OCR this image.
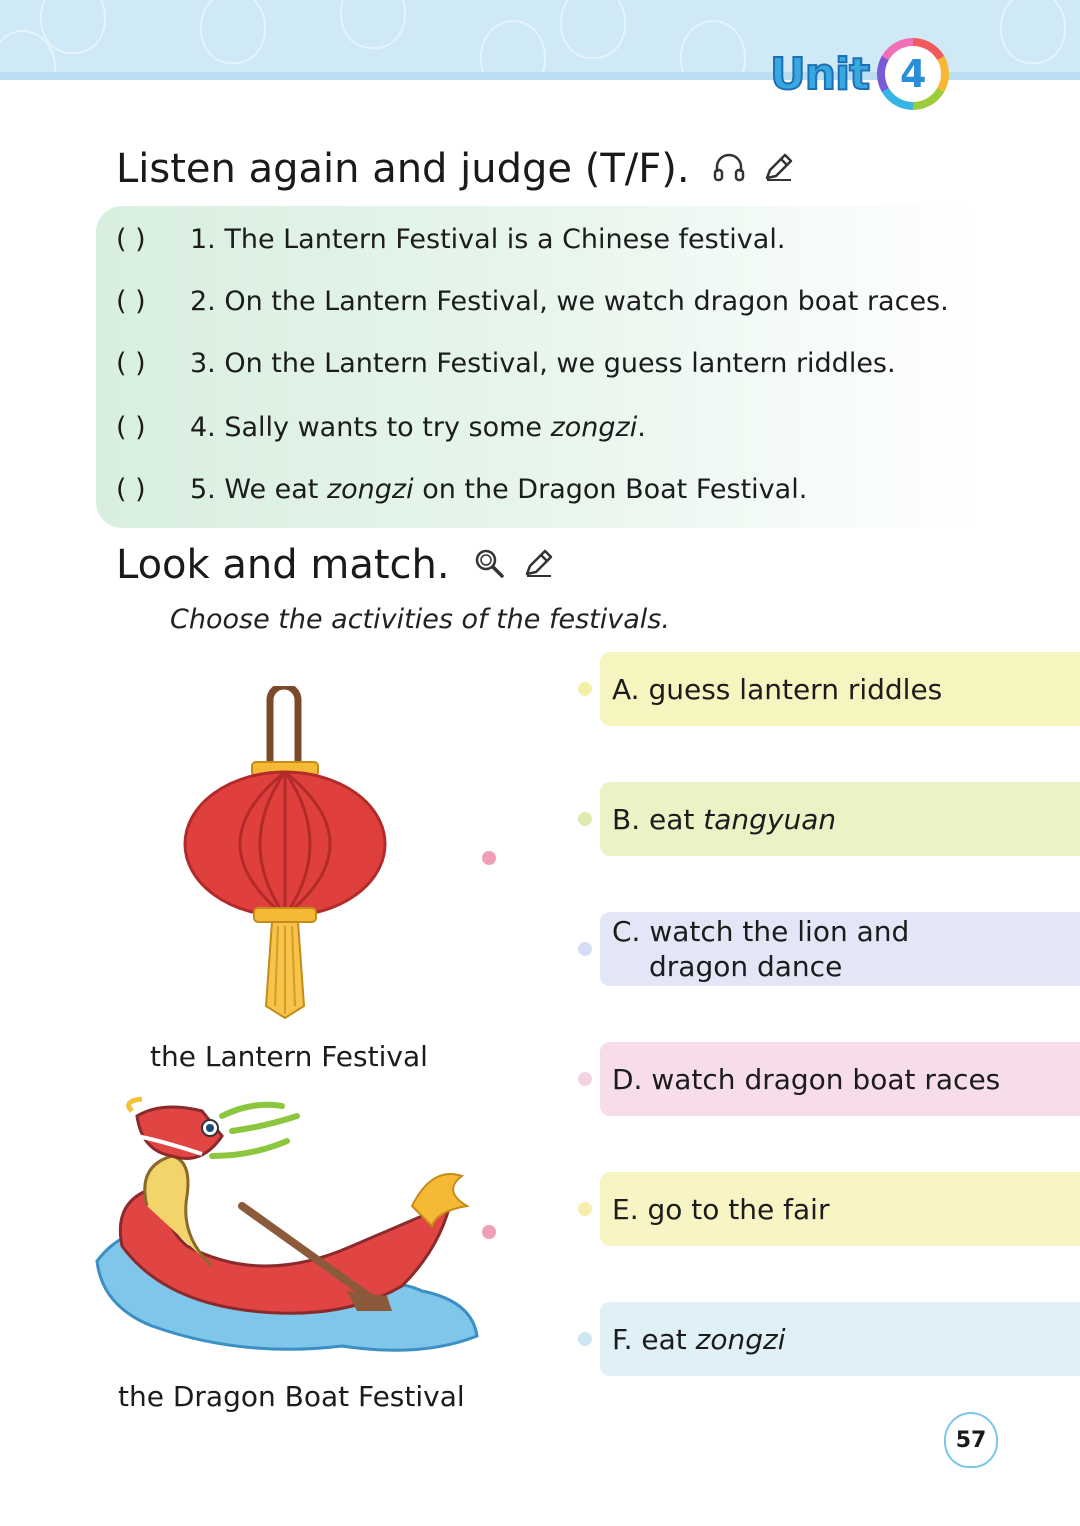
Unit 4
Listen again and judge (T/F).
( ) 1. The Lantern Festival is a Chinese festival.
( ) 2. On the Lantern Festival, we watch dragon boat races.
( ) 3. On the Lantern Festival, we guess lantern riddles.
( ) 4. Sally wants to try some zongzi.
( ) 5. We eat zongzi on the Dragon Boat Festival.
Look and match.
Choose the activities of the festivals.
the Lantern Festival
the Dragon Boat Festival
A. guess lantern riddles
B. eat tangyuan
C. watch the lion and
dragon dance
D. watch dragon boat races
E. go to the fair
F. eat zongzi
57
